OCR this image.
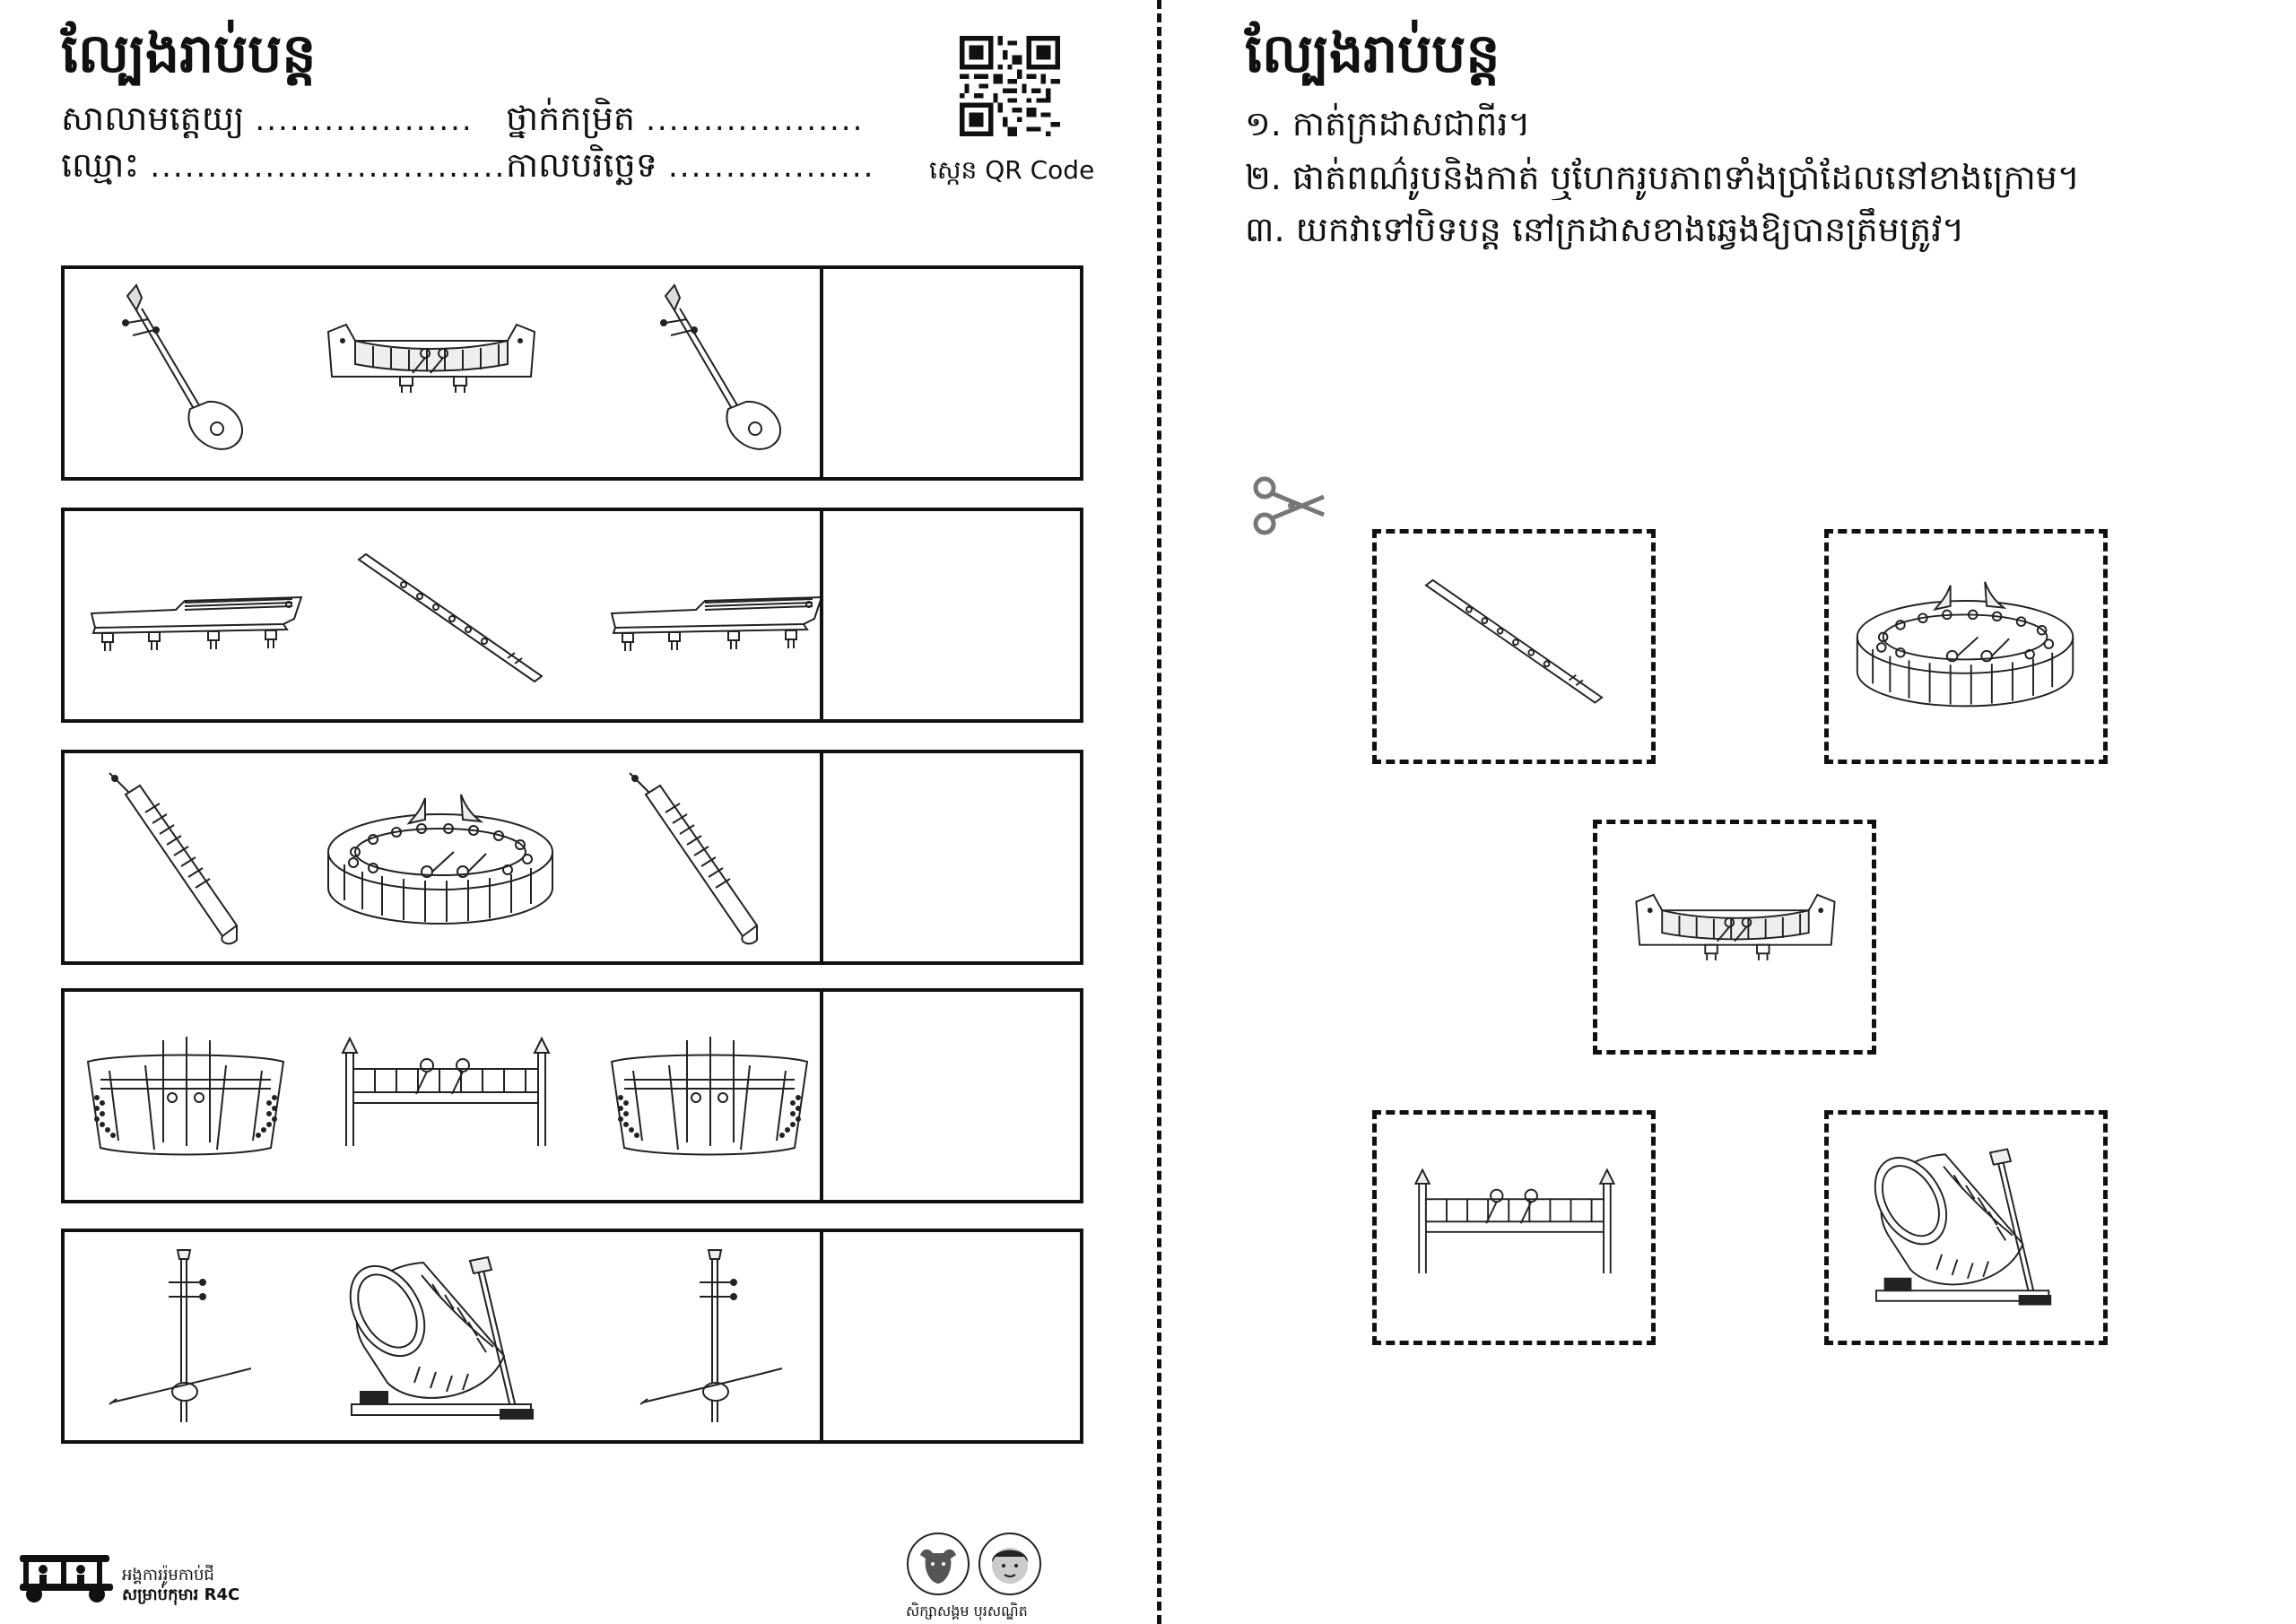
ល្បែងរាប់បន្ត
សាលាមត្តេយ្យ ................... ថ្នាក់កម្រិត ...................
ឈ្មោះ .................................
កាលបរិច្ឆេទ .................. ស្កេន QR Code
អង្គការរ៉ូមកាប់ជី
សម្រាប់កុមារ R4C
សិក្សាសង្គម បុរសណ្ឌិត
ល្បែងរាប់បន្ត
១. កាត់ក្រដាសជាពីរ។
២. ផាត់ពណ៌រូបនិងកាត់ ឬហែករូបភាពទាំងប្រាំដែលនៅខាងក្រោម។
៣. យកវាទៅបិទបន្ត នៅក្រដាសខាងឆ្វេងឱ្យបានត្រឹមត្រូវ។
